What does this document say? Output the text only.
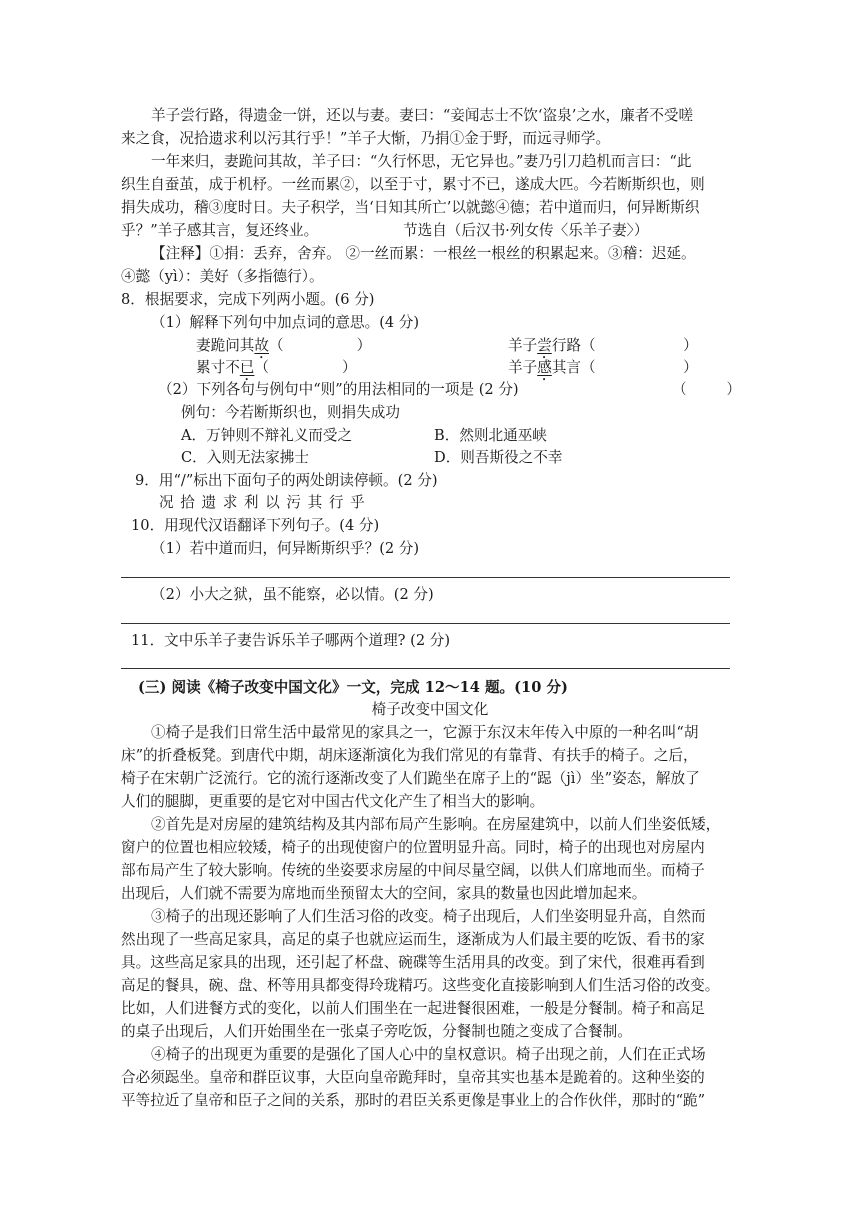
羊子尝行路，得遗金一饼，还以与妻。妻曰：“妾闻志士不饮‘盗泉’之水，廉者不受嗟
来之食，况拾遗求利以污其行乎！”羊子大惭，乃捐①金于野，而远寻师学。
一年来归，妻跪问其故，羊子曰：“久行怀思，无它异也。”妻乃引刀趋机而言曰：“此
织生自蚕茧，成于机杼。一丝而累②，以至于寸，累寸不已，遂成大匹。今若断斯织也，则
捐失成功，稽③度时日。夫子积学，当‘日知其所亡’以就懿④德；若中道而归，何异断斯织
乎？”羊子感其言，复还终业。	节选自（后汉书·列女传〈乐羊子妻〉）
【注释】①捐：丢弃，舍弃。 ②一丝而累：一根丝一根丝的积累起来。③稽：迟延。
④懿（yì）：美好（多指德行）。
8．根据要求，完成下列两小题。(6 分)
（1）解释下列句中加点词的意思。(4 分)
妻跪问其故（　　　　　）	羊子尝行路（　　　　　　）
累寸不已（　　　　　）	羊子感其言（　　　　　　）
（2）下列各句与例句中“则”的用法相同的一项是 (2 分)	（　　　）
例句：今若断斯织也，则捐失成功
A．万钟则不辩礼义而受之	B．然则北通巫峡
C．入则无法家拂士	D．则吾斯役之不幸
9．用“/”标出下面句子的两处朗读停顿。(2 分)
况 拾 遗 求 利 以 污 其 行 乎
10．用现代汉语翻译下列句子。(4 分)
（1）若中道而归，何异断斯织乎？(2 分)
（2）小大之狱，虽不能察，必以情。(2 分)
11．文中乐羊子妻告诉乐羊子哪两个道理? (2 分)
(三) 阅读《椅子改变中国文化》一文，完成 12～14 题。(10 分)
椅子改变中国文化
①椅子是我们日常生活中最常见的家具之一，它源于东汉末年传入中原的一种名叫“胡
床”的折叠板凳。到唐代中期，胡床逐渐演化为我们常见的有靠背、有扶手的椅子。之后，
椅子在宋朝广泛流行。它的流行逐渐改变了人们跪坐在席子上的“跽（jì）坐”姿态，解放了
人们的腿脚，更重要的是它对中国古代文化产生了相当大的影响。
②首先是对房屋的建筑结构及其内部布局产生影响。在房屋建筑中，以前人们坐姿低矮，
窗户的位置也相应较矮，椅子的出现使窗户的位置明显升高。同时，椅子的出现也对房屋内
部布局产生了较大影响。传统的坐姿要求房屋的中间尽量空阔，以供人们席地而坐。而椅子
出现后，人们就不需要为席地而坐预留太大的空间，家具的数量也因此增加起来。
③椅子的出现还影响了人们生活习俗的改变。椅子出现后，人们坐姿明显升高，自然而
然出现了一些高足家具，高足的桌子也就应运而生，逐渐成为人们最主要的吃饭、看书的家
具。这些高足家具的出现，还引起了杯盘、碗碟等生活用具的改变。到了宋代，很难再看到
高足的餐具，碗、盘、杯等用具都变得玲珑精巧。这些变化直接影响到人们生活习俗的改变。
比如，人们进餐方式的变化，以前人们围坐在一起进餐很困难，一般是分餐制。椅子和高足
的桌子出现后，人们开始围坐在一张桌子旁吃饭，分餐制也随之变成了合餐制。
④椅子的出现更为重要的是强化了国人心中的皇权意识。椅子出现之前，人们在正式场
合必须跽坐。皇帝和群臣议事，大臣向皇帝跪拜时，皇帝其实也基本是跪着的。这种坐姿的
平等拉近了皇帝和臣子之间的关系，那时的君臣关系更像是事业上的合作伙伴，那时的“跪”
